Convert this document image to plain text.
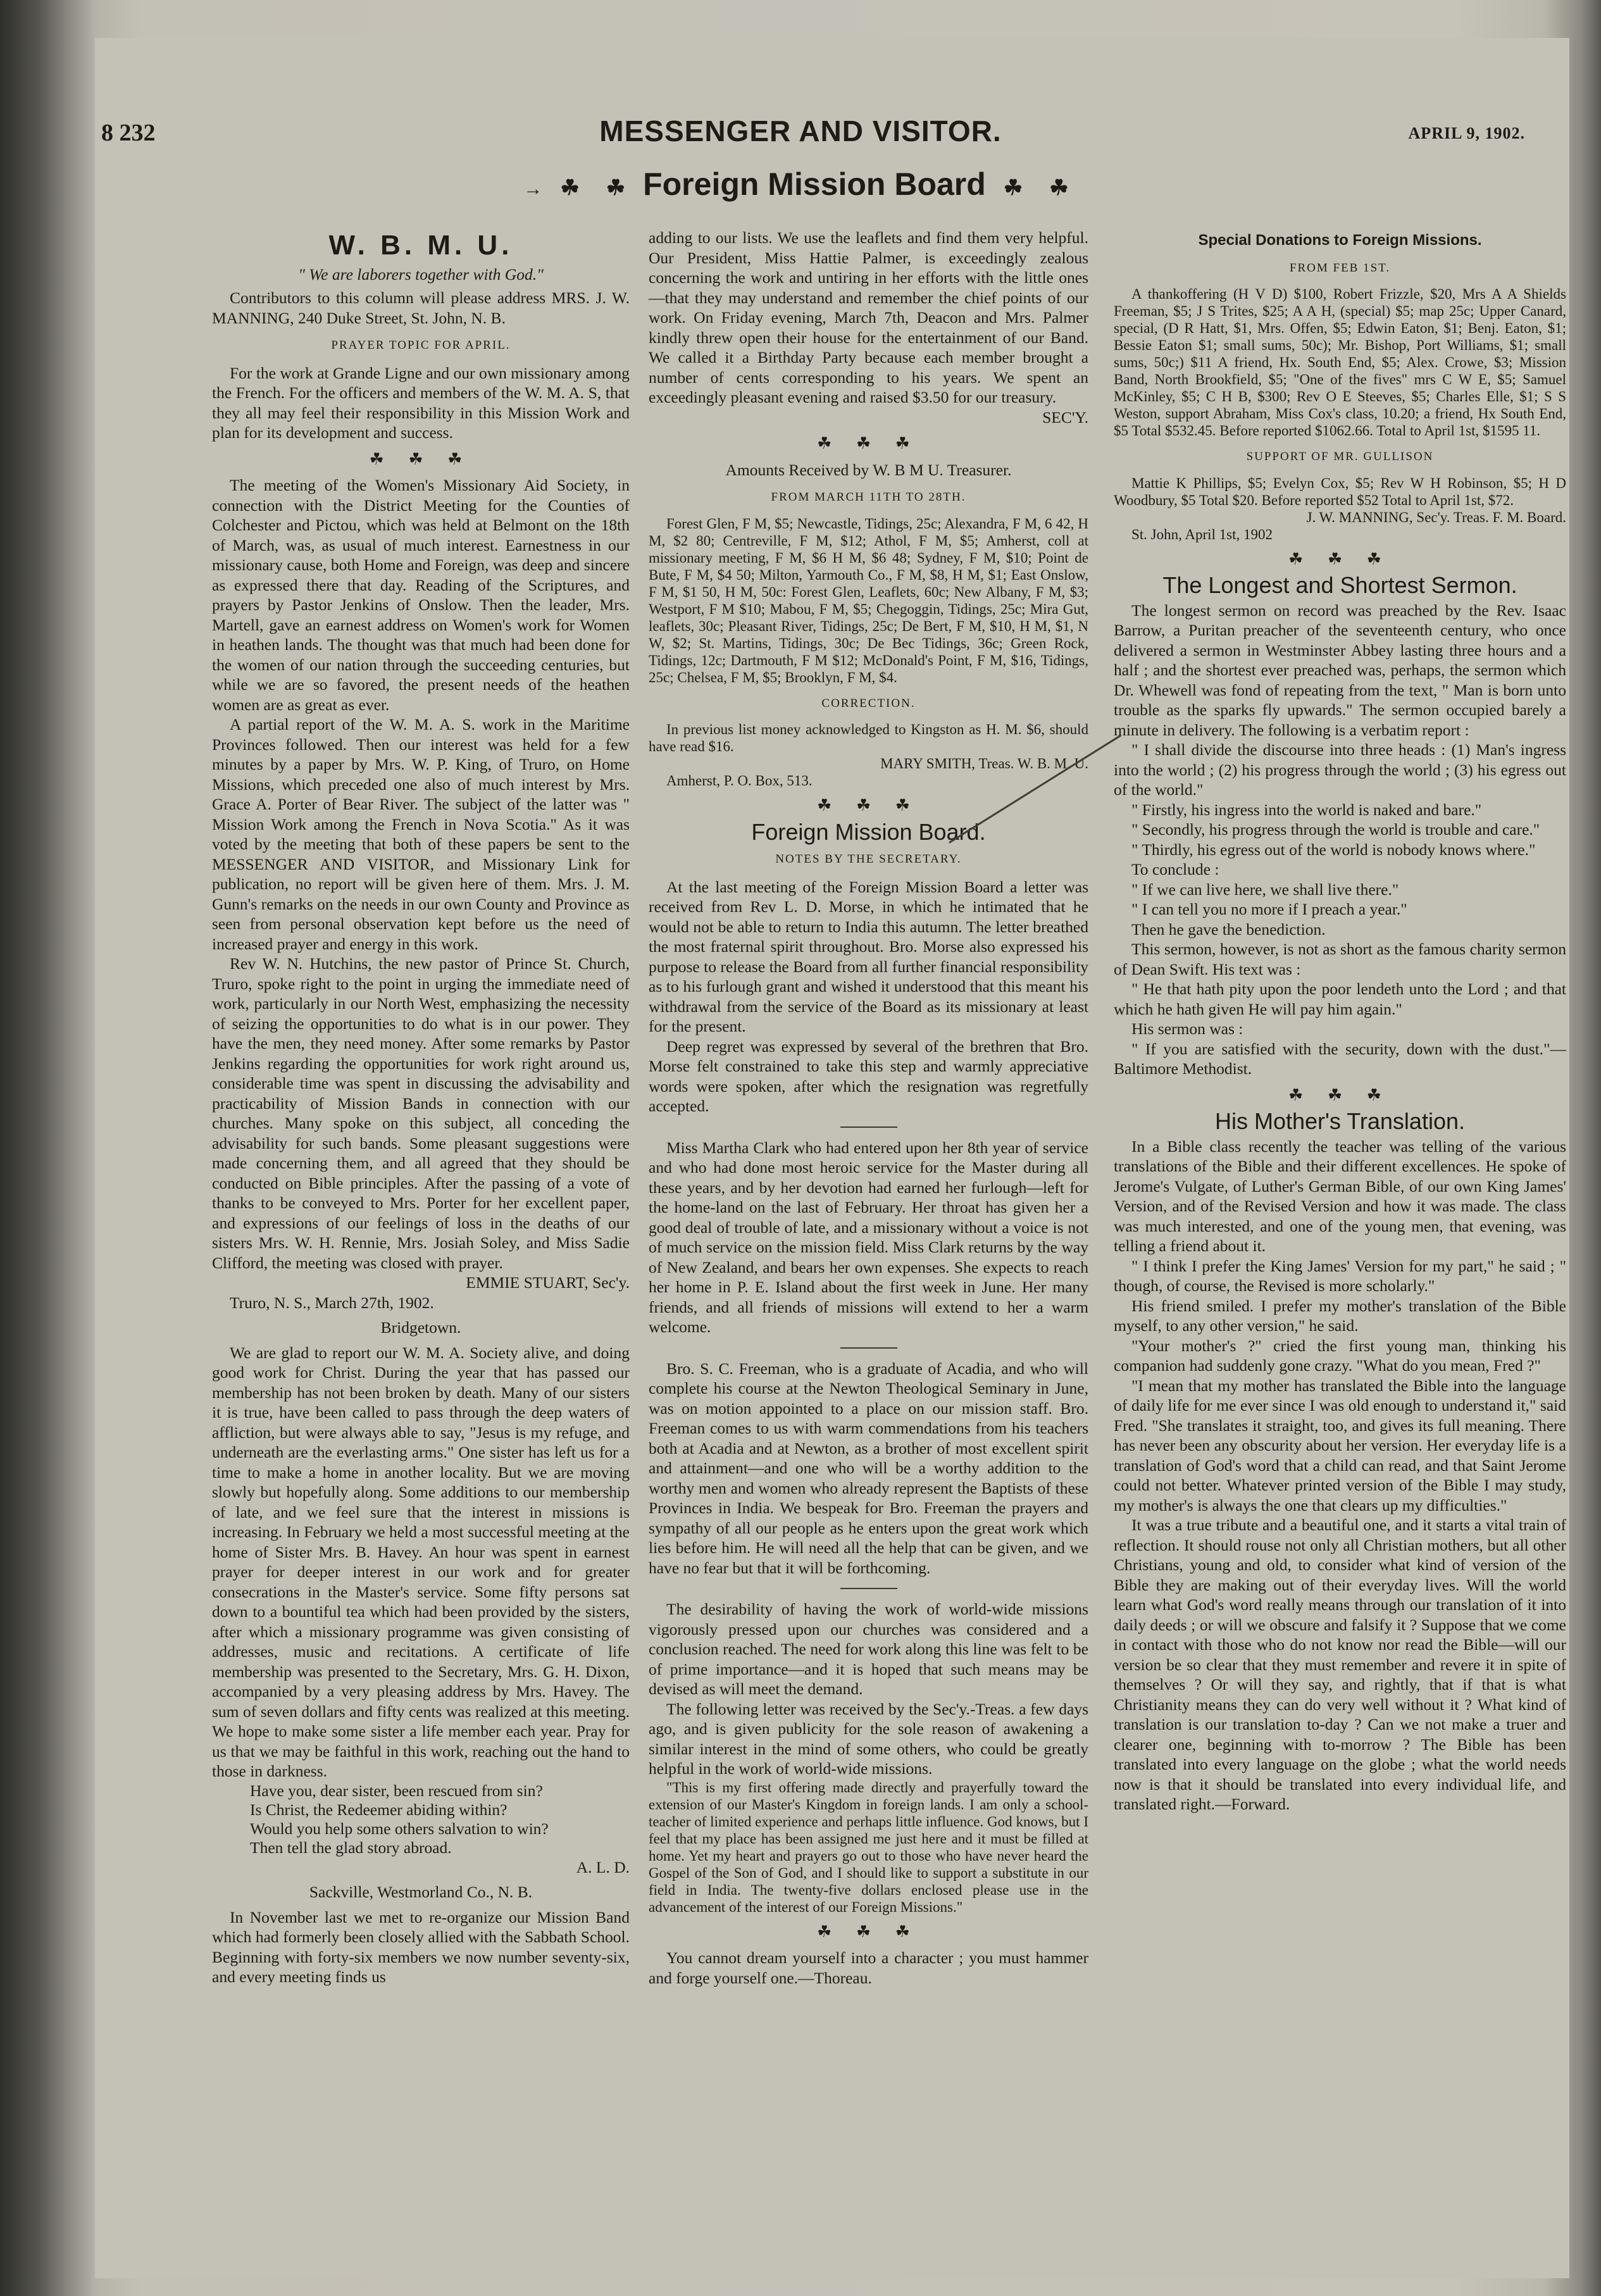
8 232	MESSENGER AND VISITOR.	APRIL 9, 1902.
→ ☘ ☘ Foreign Mission Board ☘ ☘
W. B. M. U.
" We are laborers together with God."

Contributors to this column will please address MRS. J. W. MANNING, 240 Duke Street, St. John, N. B.

PRAYER TOPIC FOR APRIL.

For the work at Grande Ligne and our own missionary among the French. For the officers and members of the W. M. A. S, that they all may feel their responsibility in this Mission Work and plan for its development and success.

☘ ☘ ☘

The meeting of the Women's Missionary Aid Society, in connection with the District Meeting for the Counties of Colchester and Pictou, which was held at Belmont on the 18th of March, was, as usual of much interest. Earnestness in our missionary cause, both Home and Foreign, was deep and sincere as expressed there that day. Reading of the Scriptures, and prayers by Pastor Jenkins of Onslow. Then the leader, Mrs. Martell, gave an earnest address on Women's work for Women in heathen lands. The thought was that much had been done for the women of our nation through the succeeding centuries, but while we are so favored, the present needs of the heathen women are as great as ever.

A partial report of the W. M. A. S. work in the Maritime Provinces followed. Then our interest was held for a few minutes by a paper by Mrs. W. P. King, of Truro, on Home Missions, which preceded one also of much interest by Mrs. Grace A. Porter of Bear River. The subject of the latter was " Mission Work among the French in Nova Scotia." As it was voted by the meeting that both of these papers be sent to the MESSENGER AND VISITOR, and Missionary Link for publication, no report will be given here of them. Mrs. J. M. Gunn's remarks on the needs in our own County and Province as seen from personal observation kept before us the need of increased prayer and energy in this work.

Rev W. N. Hutchins, the new pastor of Prince St. Church, Truro, spoke right to the point in urging the immediate need of work, particularly in our North West, emphasizing the necessity of seizing the opportunities to do what is in our power. They have the men, they need money. After some remarks by Pastor Jenkins regarding the opportunities for work right around us, considerable time was spent in discussing the advisability and practicability of Mission Bands in connection with our churches. Many spoke on this subject, all conceding the advisability for such bands. Some pleasant suggestions were made concerning them, and all agreed that they should be conducted on Bible principles. After the passing of a vote of thanks to be conveyed to Mrs. Porter for her excellent paper, and expressions of our feelings of loss in the deaths of our sisters Mrs. W. H. Rennie, Mrs. Josiah Soley, and Miss Sadie Clifford, the meeting was closed with prayer.

EMMIE STUART, Sec'y.

Truro, N. S., March 27th, 1902.

Bridgetown.

We are glad to report our W. M. A. Society alive, and doing good work for Christ. During the year that has passed our membership has not been broken by death. Many of our sisters it is true, have been called to pass through the deep waters of affliction, but were always able to say, "Jesus is my refuge, and underneath are the everlasting arms." One sister has left us for a time to make a home in another locality. But we are moving slowly but hopefully along. Some additions to our membership of late, and we feel sure that the interest in missions is increasing. In February we held a most successful meeting at the home of Sister Mrs. B. Havey. An hour was spent in earnest prayer for deeper interest in our work and for greater consecrations in the Master's service. Some fifty persons sat down to a bountiful tea which had been provided by the sisters, after which a missionary programme was given consisting of addresses, music and recitations. A certificate of life membership was presented to the Secretary, Mrs. G. H. Dixon, accompanied by a very pleasing address by Mrs. Havey. The sum of seven dollars and fifty cents was realized at this meeting. We hope to make some sister a life member each year. Pray for us that we may be faithful in this work, reaching out the hand to those in darkness.

Have you, dear sister, been rescued from sin?
Is Christ, the Redeemer abiding within?
Would you help some others salvation to win?
Then tell the glad story abroad.
A. L. D.
Sackville, Westmorland Co., N. B.

In November last we met to re-organize our Mission Band which had formerly been closely allied with the Sabbath School. Beginning with forty-six members we now number seventy-six, and every meeting finds us

adding to our lists. We use the leaflets and find them very helpful. Our President, Miss Hattie Palmer, is exceedingly zealous concerning the work and untiring in her efforts with the little ones—that they may understand and remember the chief points of our work. On Friday evening, March 7th, Deacon and Mrs. Palmer kindly threw open their house for the entertainment of our Band. We called it a Birthday Party because each member brought a number of cents corresponding to his years. We spent an exceedingly pleasant evening and raised $3.50 for our treasury.

SEC'Y.
☘ ☘ ☘
Amounts Received by W. B M U. Treasurer.
FROM MARCH 11TH TO 28TH.

Forest Glen, F M, $5; Newcastle, Tidings, 25c; Alexandra, F M, 6 42, H M, $2 80; Centreville, F M, $12; Athol, F M, $5; Amherst, coll at missionary meeting, F M, $6 H M, $6 48; Sydney, F M, $10; Point de Bute, F M, $4 50; Milton, Yarmouth Co., F M, $8, H M, $1; East Onslow, F M, $1 50, H M, 50c: Forest Glen, Leaflets, 60c; New Albany, F M, $3; Westport, F M $10; Mabou, F M, $5; Chegoggin, Tidings, 25c; Mira Gut, leaflets, 30c; Pleasant River, Tidings, 25c; De Bert, F M, $10, H M, $1, N W, $2; St. Martins, Tidings, 30c; De Bec Tidings, 36c; Green Rock, Tidings, 12c; Dartmouth, F M $12; McDonald's Point, F M, $16, Tidings, 25c; Chelsea, F M, $5; Brooklyn, F M, $4.

CORRECTION.

In previous list money acknowledged to Kingston as H. M. $6, should have read $16.

MARY SMITH, Treas. W. B. M. U.

Amherst, P. O. Box, 513.

☘ ☘ ☘
Foreign Mission Board.
NOTES BY THE SECRETARY.

At the last meeting of the Foreign Mission Board a letter was received from Rev L. D. Morse, in which he intimated that he would not be able to return to India this autumn. The letter breathed the most fraternal spirit throughout. Bro. Morse also expressed his purpose to release the Board from all further financial responsibility as to his furlough grant and wished it understood that this meant his withdrawal from the service of the Board as its missionary at least for the present.

Deep regret was expressed by several of the brethren that Bro. Morse felt constrained to take this step and warmly appreciative words were spoken, after which the resignation was regretfully accepted.

Miss Martha Clark who had entered upon her 8th year of service and who had done most heroic service for the Master during all these years, and by her devotion had earned her furlough—left for the home-land on the last of February. Her throat has given her a good deal of trouble of late, and a missionary without a voice is not of much service on the mission field. Miss Clark returns by the way of New Zealand, and bears her own expenses. She expects to reach her home in P. E. Island about the first week in June. Her many friends, and all friends of missions will extend to her a warm welcome.

Bro. S. C. Freeman, who is a graduate of Acadia, and who will complete his course at the Newton Theological Seminary in June, was on motion appointed to a place on our mission staff. Bro. Freeman comes to us with warm commendations from his teachers both at Acadia and at Newton, as a brother of most excellent spirit and attainment—and one who will be a worthy addition to the worthy men and women who already represent the Baptists of these Provinces in India. We bespeak for Bro. Freeman the prayers and sympathy of all our people as he enters upon the great work which lies before him. He will need all the help that can be given, and we have no fear but that it will be forthcoming.

The desirability of having the work of world-wide missions vigorously pressed upon our churches was considered and a conclusion reached. The need for work along this line was felt to be of prime importance—and it is hoped that such means may be devised as will meet the demand.

The following letter was received by the Sec'y.-Treas. a few days ago, and is given publicity for the sole reason of awakening a similar interest in the mind of some others, who could be greatly helpful in the work of world-wide missions.

"This is my first offering made directly and prayerfully toward the extension of our Master's Kingdom in foreign lands. I am only a school-teacher of limited experience and perhaps little influence. God knows, but I feel that my place has been assigned me just here and it must be filled at home. Yet my heart and prayers go out to those who have never heard the Gospel of the Son of God, and I should like to support a substitute in our field in India. The twenty-five dollars enclosed please use in the advancement of the interest of our Foreign Missions."

☘ ☘ ☘

You cannot dream yourself into a character ; you must hammer and forge yourself one.—Thoreau.

Special Donations to Foreign Missions.
FROM FEB 1ST.

A thankoffering (H V D) $100, Robert Frizzle, $20, Mrs A A Shields Freeman, $5; J S Trites, $25; A A H, (special) $5; map 25c; Upper Canard, special, (D R Hatt, $1, Mrs. Offen, $5; Edwin Eaton, $1; Benj. Eaton, $1; Bessie Eaton $1; small sums, 50c); Mr. Bishop, Port Williams, $1; small sums, 50c;) $11 A friend, Hx. South End, $5; Alex. Crowe, $3; Mission Band, North Brookfield, $5; "One of the fives" mrs C W E, $5; Samuel McKinley, $5; C H B, $300; Rev O E Steeves, $5; Charles Elle, $1; S S Weston, support Abraham, Miss Cox's class, 10.20; a friend, Hx South End, $5 Total $532.45. Before reported $1062.66. Total to April 1st, $1595 11.

SUPPORT OF MR. GULLISON

Mattie K Phillips, $5; Evelyn Cox, $5; Rev W H Robinson, $5; H D Woodbury, $5 Total $20. Before reported $52 Total to April 1st, $72.

J. W. MANNING, Sec'y. Treas. F. M. Board.

St. John, April 1st, 1902

☘ ☘ ☘
The Longest and Shortest Sermon.

The longest sermon on record was preached by the Rev. Isaac Barrow, a Puritan preacher of the seventeenth century, who once delivered a sermon in Westminster Abbey lasting three hours and a half ; and the shortest ever preached was, perhaps, the sermon which Dr. Whewell was fond of repeating from the text, " Man is born unto trouble as the sparks fly upwards." The sermon occupied barely a minute in delivery. The following is a verbatim report :

" I shall divide the discourse into three heads : (1) Man's ingress into the world ; (2) his progress through the world ; (3) his egress out of the world."

" Firstly, his ingress into the world is naked and bare."

" Secondly, his progress through the world is trouble and care."

" Thirdly, his egress out of the world is nobody knows where."

To conclude :

" If we can live here, we shall live there."

" I can tell you no more if I preach a year."

Then he gave the benediction.

This sermon, however, is not as short as the famous charity sermon of Dean Swift. His text was :

" He that hath pity upon the poor lendeth unto the Lord ; and that which he hath given He will pay him again."

His sermon was :

" If you are satisfied with the security, down with the dust."—Baltimore Methodist.

☘ ☘ ☘
His Mother's Translation.

In a Bible class recently the teacher was telling of the various translations of the Bible and their different excellences. He spoke of Jerome's Vulgate, of Luther's German Bible, of our own King James' Version, and of the Revised Version and how it was made. The class was much interested, and one of the young men, that evening, was telling a friend about it.

" I think I prefer the King James' Version for my part," he said ; " though, of course, the Revised is more scholarly."

His friend smiled. I prefer my mother's translation of the Bible myself, to any other version," he said.

"Your mother's ?" cried the first young man, thinking his companion had suddenly gone crazy. "What do you mean, Fred ?"

"I mean that my mother has translated the Bible into the language of daily life for me ever since I was old enough to understand it," said Fred. "She translates it straight, too, and gives its full meaning. There has never been any obscurity about her version. Her everyday life is a translation of God's word that a child can read, and that Saint Jerome could not better. Whatever printed version of the Bible I may study, my mother's is always the one that clears up my difficulties."

It was a true tribute and a beautiful one, and it starts a vital train of reflection. It should rouse not only all Christian mothers, but all other Christians, young and old, to consider what kind of version of the Bible they are making out of their everyday lives. Will the world learn what God's word really means through our translation of it into daily deeds ; or will we obscure and falsify it ? Suppose that we come in contact with those who do not know nor read the Bible—will our version be so clear that they must remember and revere it in spite of themselves ? Or will they say, and rightly, that if that is what Christianity means they can do very well without it ? What kind of translation is our translation to-day ? Can we not make a truer and clearer one, beginning with to-morrow ? The Bible has been translated into every language on the globe ; what the world needs now is that it should be translated into every individual life, and translated right.—Forward.
